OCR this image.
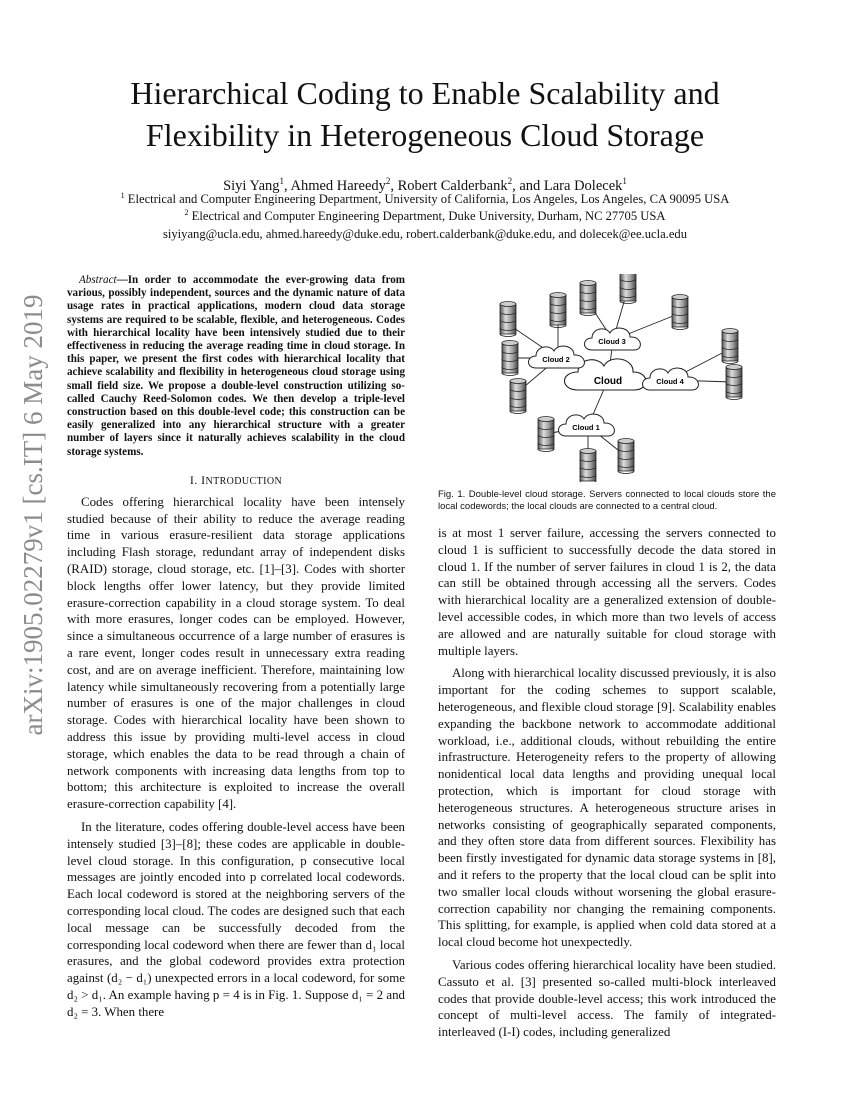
Hierarchical Coding to Enable Scalability and Flexibility in Heterogeneous Cloud Storage
Siyi Yang$^1$, Ahmed Hareedy$^2$, Robert Calderbank$^2$, and Lara Dolecek$^1$
$^1$ Electrical and Computer Engineering Department, University of California, Los Angeles, Los Angeles, CA 90095 USA
$^2$ Electrical and Computer Engineering Department, Duke University, Durham, NC 27705 USA
siyiyang@ucla.edu, ahmed.hareedy@duke.edu, robert.calderbank@duke.edu, and dolecek@ee.ucla.edu
arXiv:1905.02279v1 [cs.IT] 6 May 2019

Abstract—In order to accommodate the ever-growing data from various, possibly independent, sources and the dynamic nature of data usage rates in practical applications, modern cloud data storage systems are required to be scalable, flexible, and heterogeneous. Codes with hierarchical locality have been intensively studied due to their effectiveness in reducing the average reading time in cloud storage. In this paper, we present the first codes with hierarchical locality that achieve scalability and flexibility in heterogeneous cloud storage using small field size. We propose a double-level construction utilizing so-called Cauchy Reed-Solomon codes. We then develop a triple-level construction based on this double-level code; this construction can be easily generalized into any hierarchical structure with a greater number of layers since it naturally achieves scalability in the cloud storage systems.

I. INTRODUCTION

Codes offering hierarchical locality have been intensely studied because of their ability to reduce the average reading time in various erasure-resilient data storage applications including Flash storage, redundant array of independent disks (RAID) storage, cloud storage, etc. [1]–[3]. Codes with shorter block lengths offer lower latency, but they provide limited erasure-correction capability in a cloud storage system. To deal with more erasures, longer codes can be employed. However, since a simultaneous occurrence of a large number of erasures is a rare event, longer codes result in unnecessary extra reading cost, and are on average inefficient. Therefore, maintaining low latency while simultaneously recovering from a potentially large number of erasures is one of the major challenges in cloud storage. Codes with hierarchical locality have been shown to address this issue by providing multi-level access in cloud storage, which enables the data to be read through a chain of network components with increasing data lengths from top to bottom; this architecture is exploited to increase the overall erasure-correction capability [4].

In the literature, codes offering double-level access have been intensely studied [3]–[8]; these codes are applicable in double-level cloud storage. In this configuration, p consecutive local messages are jointly encoded into p correlated local codewords. Each local codeword is stored at the neighboring servers of the corresponding local cloud. The codes are designed such that each local message can be successfully decoded from the corresponding local codeword when there are fewer than d₁ local erasures, and the global codeword provides extra protection against (d₂ − d₁) unexpected errors in a local codeword, for some d₂ > d₁. An example having p = 4 is in Fig. 1. Suppose d₁ = 2 and d₂ = 3. When there

Cloud
Cloud 2
Cloud 3
Cloud 4
Cloud 1
Fig. 1. Double-level cloud storage. Servers connected to local clouds store the local codewords; the local clouds are connected to a central cloud.

is at most 1 server failure, accessing the servers connected to cloud 1 is sufficient to successfully decode the data stored in cloud 1. If the number of server failures in cloud 1 is 2, the data can still be obtained through accessing all the servers. Codes with hierarchical locality are a generalized extension of double-level accessible codes, in which more than two levels of access are allowed and are naturally suitable for cloud storage with multiple layers.

Along with hierarchical locality discussed previously, it is also important for the coding schemes to support scalable, heterogeneous, and flexible cloud storage [9]. Scalability enables expanding the backbone network to accommodate additional workload, i.e., additional clouds, without rebuilding the entire infrastructure. Heterogeneity refers to the property of allowing nonidentical local data lengths and providing unequal local protection, which is important for cloud storage with heterogeneous structures. A heterogeneous structure arises in networks consisting of geographically separated components, and they often store data from different sources. Flexibility has been firstly investigated for dynamic data storage systems in [8], and it refers to the property that the local cloud can be split into two smaller local clouds without worsening the global erasure-correction capability nor changing the remaining components. This splitting, for example, is applied when cold data stored at a local cloud become hot unexpectedly.

Various codes offering hierarchical locality have been studied. Cassuto et al. [3] presented so-called multi-block interleaved codes that provide double-level access; this work introduced the concept of multi-level access. The family of integrated-interleaved (I-I) codes, including generalized
